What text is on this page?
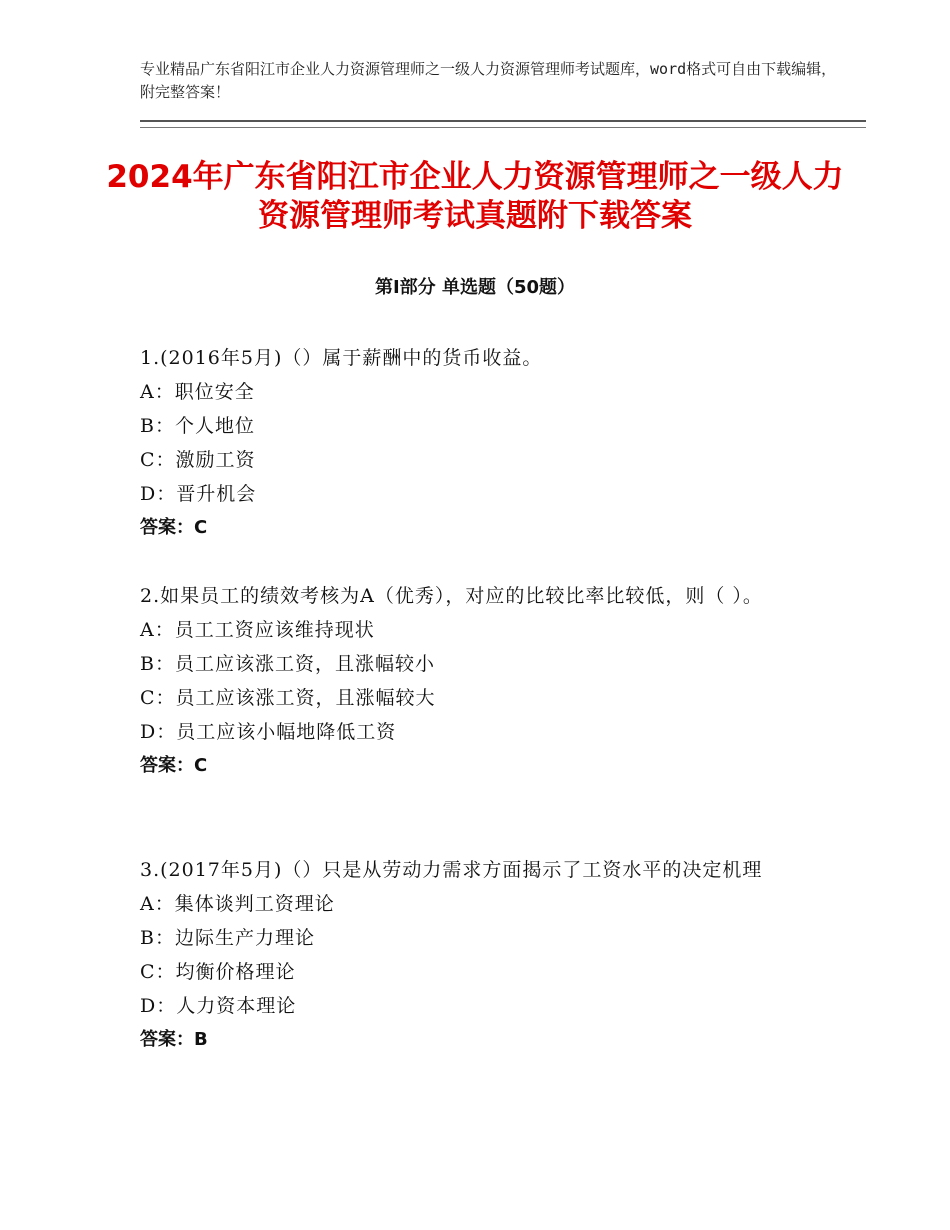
专业精品广东省阳江市企业人力资源管理师之一级人力资源管理师考试题库，word格式可自由下载编辑，附完整答案！
2024年广东省阳江市企业人力资源管理师之一级人力资源管理师考试真题附下载答案
第Ⅰ部分 单选题（50题）
1.(2016年5月)（）属于薪酬中的货币收益。
A：职位安全
B：个人地位
C：激励工资
D：晋升机会
答案：C
2.如果员工的绩效考核为A（优秀），对应的比较比率比较低，则（ ）。
A：员工工资应该维持现状
B：员工应该涨工资，且涨幅较小
C：员工应该涨工资，且涨幅较大
D：员工应该小幅地降低工资
答案：C
3.(2017年5月)（）只是从劳动力需求方面揭示了工资水平的决定机理
A：集体谈判工资理论
B：边际生产力理论
C：均衡价格理论
D：人力资本理论
答案：B
